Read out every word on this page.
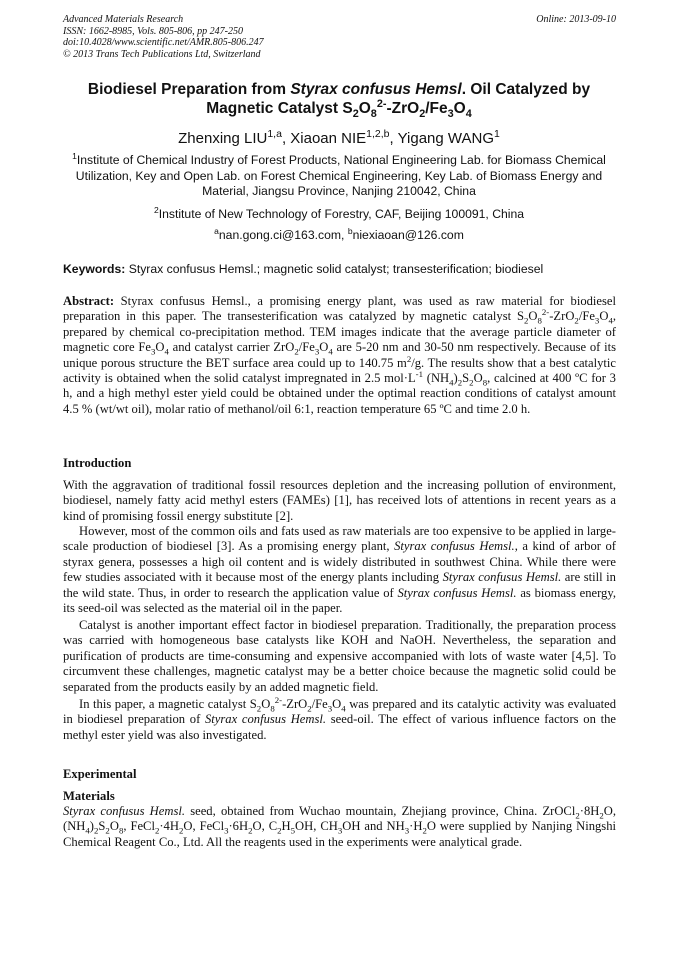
Advanced Materials Research
ISSN: 1662-8985, Vols. 805-806, pp 247-250
doi:10.4028/www.scientific.net/AMR.805-806.247
© 2013 Trans Tech Publications Ltd, Switzerland
Online: 2013-09-10
Biodiesel Preparation from Styrax confusus Hemsl. Oil Catalyzed by
Magnetic Catalyst $S_2O_8^{2-}-ZrO_2/Fe_3O_4$
Zhenxing LIU$^{1,a}$, Xiaoan NIE$^{1,2,b}$, Yigang WANG$^1$
$^1$Institute of Chemical Industry of Forest Products, National Engineering Lab. for Biomass Chemical Utilization, Key and Open Lab. on Forest Chemical Engineering, Key Lab. of Biomass Energy and Material, Jiangsu Province, Nanjing 210042, China
$^2$Institute of New Technology of Forestry, CAF, Beijing 100091, China
$^a$nan.gong.ci@163.com, $^b$niexiaoan@126.com
Keywords: Styrax confusus Hemsl.; magnetic solid catalyst; transesterification; biodiesel

Abstract: Styrax confusus Hemsl., a promising energy plant, was used as raw material for biodiesel preparation in this paper. The transesterification was catalyzed by magnetic catalyst $S_2O_8^{2-}-ZrO_2/Fe_3O_4$, prepared by chemical co-precipitation method. TEM images indicate that the average particle diameter of magnetic core $Fe_3O_4$ and catalyst carrier $ZrO_2/Fe_3O_4$ are 5-20 nm and 30-50 nm respectively. Because of its unique porous structure the BET surface area could up to 140.75 $m^2/g$. The results show that a best catalytic activity is obtained when the solid catalyst impregnated in 2.5 $mol\cdot L^{-1}$ $(NH_4)_2S_2O_8$, calcined at 400 ºC for 3 h, and a high methyl ester yield could be obtained under the optimal reaction conditions of catalyst amount 4.5 % (wt/wt oil), molar ratio of methanol/oil 6:1, reaction temperature 65 ºC and time 2.0 h.

Introduction

With the aggravation of traditional fossil resources depletion and the increasing pollution of environment, biodiesel, namely fatty acid methyl esters (FAMEs) [1], has received lots of attentions in recent years as a kind of promising fossil energy substitute [2].

However, most of the common oils and fats used as raw materials are too expensive to be applied in large-scale production of biodiesel [3]. As a promising energy plant, Styrax confusus Hemsl., a kind of arbor of styrax genera, possesses a high oil content and is widely distributed in southwest China. While there were few studies associated with it because most of the energy plants including Styrax confusus Hemsl. are still in the wild state. Thus, in order to research the application value of Styrax confusus Hemsl. as biomass energy, its seed-oil was selected as the material oil in the paper.

Catalyst is another important effect factor in biodiesel preparation. Traditionally, the preparation process was carried with homogeneous base catalysts like KOH and NaOH. Nevertheless, the separation and purification of products are time-consuming and expensive accompanied with lots of waste water [4,5]. To circumvent these challenges, magnetic catalyst may be a better choice because the magnetic solid could be separated from the products easily by an added magnetic field.

In this paper, a magnetic catalyst $S_2O_8^{2-}-ZrO_2/Fe_3O_4$ was prepared and its catalytic activity was evaluated in biodiesel preparation of Styrax confusus Hemsl. seed-oil. The effect of various influence factors on the methyl ester yield was also investigated.

Experimental
Materials

Styrax confusus Hemsl. seed, obtained from Wuchao mountain, Zhejiang province, China. $ZrOCl_2\cdot 8H_2O$, $(NH_4)_2S_2O_8$, $FeCl_2\cdot 4H_2O$, $FeCl_3\cdot 6H_2O$, $C_2H_5OH$, $CH_3OH$ and $NH_3\cdot H_2O$ were supplied by Nanjing Ningshi Chemical Reagent Co., Ltd. All the reagents used in the experiments were analytical grade.
